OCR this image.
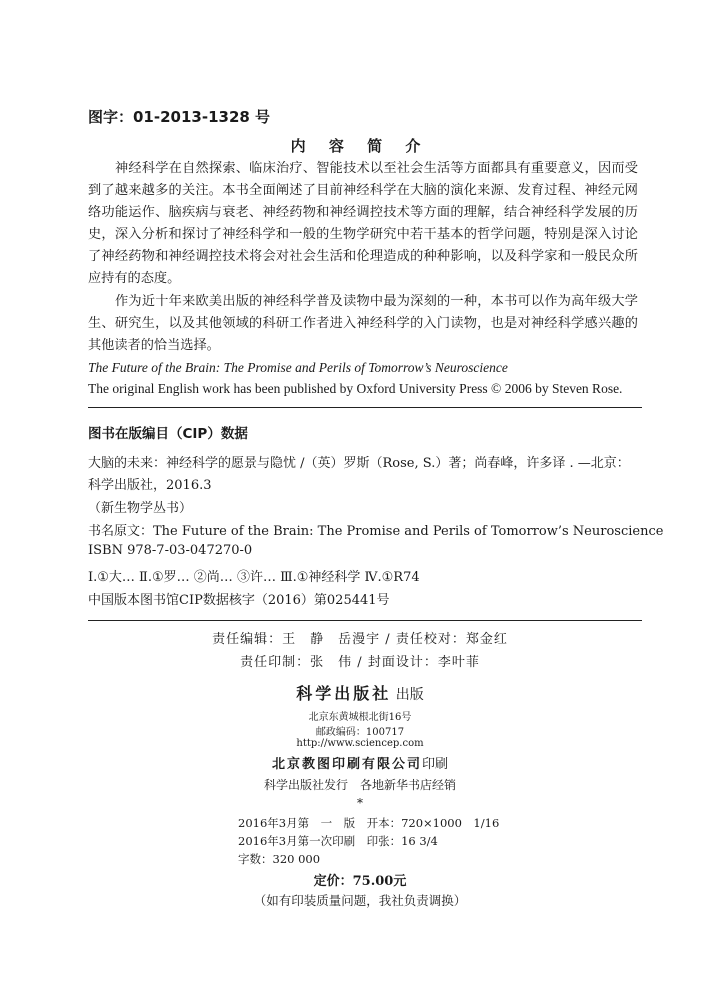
图字：01-2013-1328 号
内 容 简 介
神经科学在自然探索、临床治疗、智能技术以至社会生活等方面都具有重要意义，因而受到了越来越多的关注。本书全面阐述了目前神经科学在大脑的演化来源、发育过程、神经元网络功能运作、脑疾病与衰老、神经药物和神经调控技术等方面的理解，结合神经科学发展的历史，深入分析和探讨了神经科学和一般的生物学研究中若干基本的哲学问题，特别是深入讨论了神经药物和神经调控技术将会对社会生活和伦理造成的种种影响，以及科学家和一般民众所应持有的态度。
作为近十年来欧美出版的神经科学普及读物中最为深刻的一种，本书可以作为高年级大学生、研究生，以及其他领域的科研工作者进入神经科学的入门读物，也是对神经科学感兴趣的其他读者的恰当选择。
The Future of the Brain: The Promise and Perils of Tomorrow’s Neuroscience
The original English work has been published by Oxford University Press © 2006 by Steven Rose.
图书在版编目（CIP）数据
大脑的未来：神经科学的愿景与隐忧 /（英）罗斯（Rose, S.）著；尚春峰，许多译 . —北京：
科学出版社，2016.3
（新生物学丛书）
书名原文：The Future of the Brain: The Promise and Perils of Tomorrow’s Neuroscience
ISBN 978-7-03-047270-0
Ⅰ.①大… Ⅱ.①罗… ②尚… ③许… Ⅲ.①神经科学 Ⅳ.①R74
中国版本图书馆CIP数据核字（2016）第025441号
责任编辑：王　静　岳漫宇 / 责任校对：郑金红
责任印制：张　伟 / 封面设计：李叶菲
科学出版社 出版
北京东黄城根北街16号
邮政编码：100717
http://www.sciencep.com
北京教图印刷有限公司印刷
科学出版社发行　各地新华书店经销
*
2016年3月第　一　版　开本：720×1000　1/16
2016年3月第一次印刷　印张：16 3/4
字数：320 000
定价：75.00元
（如有印装质量问题，我社负责调换）
